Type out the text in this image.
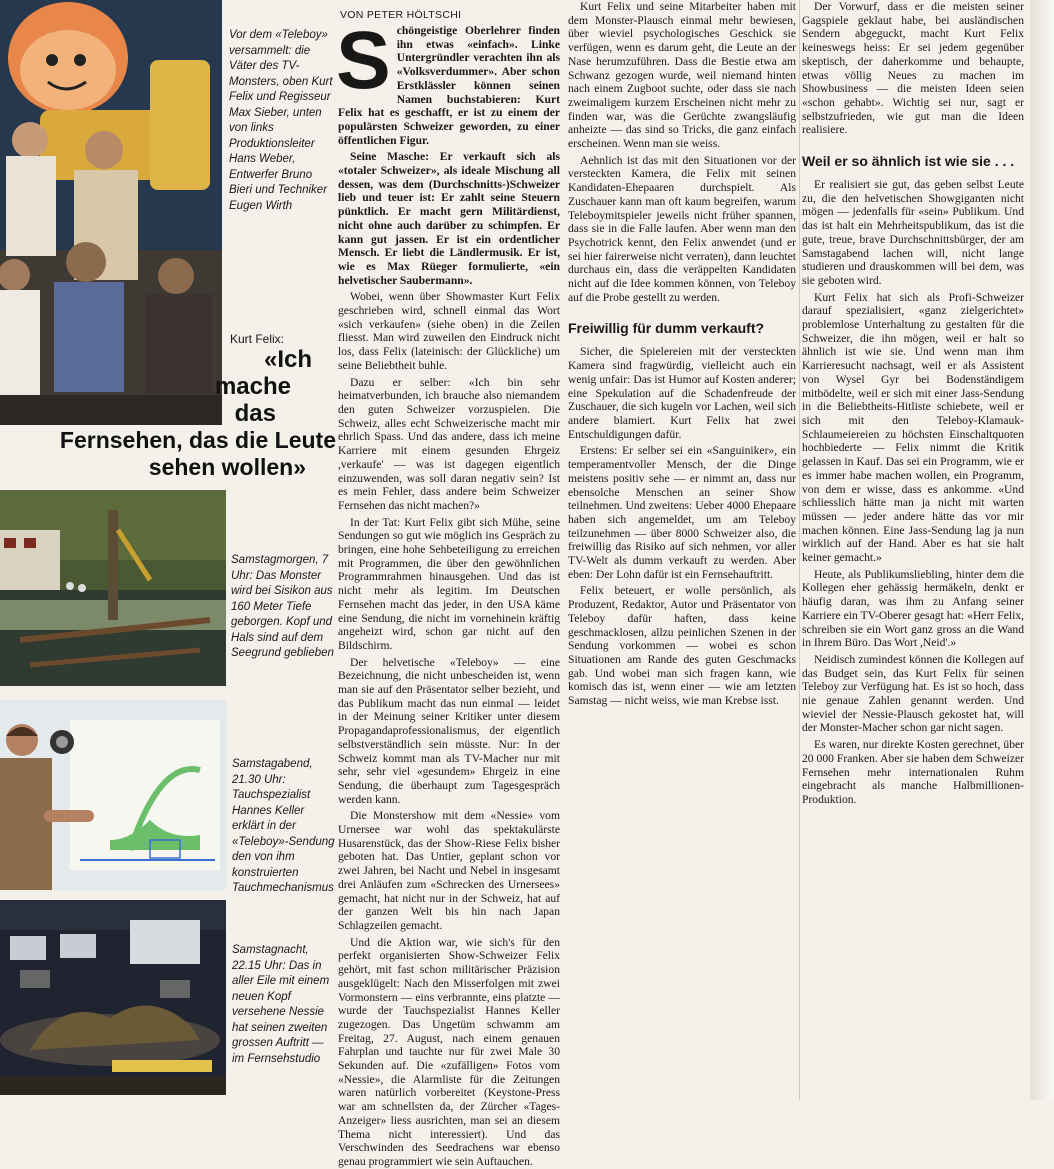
Vor dem «Teleboy» versammelt: die Väter des TV-Monsters, oben Kurt Felix und Regisseur Max Sieber, unten von links Produktionsleiter Hans Weber, Entwerfer Bruno Bieri und Techniker Eugen Wirth
Samstagmorgen, 7 Uhr: Das Monster wird bei Sisikon aus 160 Meter Tiefe geborgen. Kopf und Hals sind auf dem Seegrund geblieben
Samstagabend, 21.30 Uhr: Tauchspezialist Hannes Keller erklärt in der «Teleboy»-Sendung den von ihm konstruierten Tauchmechanismus
Samstagnacht, 22.15 Uhr: Das in aller Eile mit einem neuen Kopf versehene Nessie hat seinen zweiten grossen Auftritt — im Fernsehstudio
Kurt Felix:
«Ich
mache
das
Fernsehen, das die Leute
sehen wollen»
VON PETER HÖLTSCHI

Schöngeistige Oberlehrer finden ihn etwas «einfach». Linke Untergründler verachten ihn als «Volksverdummer». Aber schon Erstklässler können seinen Namen buchstabieren: Kurt Felix hat es geschafft, er ist zu einem der populärsten Schweizer geworden, zu einer öffentlichen Figur.

Seine Masche: Er verkauft sich als «totaler Schweizer», als ideale Mischung all dessen, was dem (Durchschnitts-)Schweizer lieb und teuer ist: Er zahlt seine Steuern pünktlich. Er macht gern Militärdienst, nicht ohne auch darüber zu schimpfen. Er kann gut jassen. Er ist ein ordentlicher Mensch. Er liebt die Ländlermusik. Er ist, wie es Max Rüeger formulierte, «ein helvetischer Saubermann».

Wobei, wenn über Showmaster Kurt Felix geschrieben wird, schnell einmal das Wort «sich verkaufen» (siehe oben) in die Zeilen fliesst. Man wird zuweilen den Eindruck nicht los, dass Felix (lateinisch: der Glückliche) um seine Beliebtheit buhle.

Dazu er selber: «Ich bin sehr heimatverbunden, ich brauche also niemandem den guten Schweizer vorzuspielen. Die Schweiz, alles echt Schweizerische macht mir ehrlich Spass. Und das andere, dass ich meine Karriere mit einem gesunden Ehrgeiz ,verkaufe' — was ist dagegen eigentlich einzuwenden, was soll daran negativ sein? Ist es mein Fehler, dass andere beim Schweizer Fernsehen das nicht machen?»

In der Tat: Kurt Felix gibt sich Mühe, seine Sendungen so gut wie möglich ins Gespräch zu bringen, eine hohe Sehbeteiligung zu erreichen mit Programmen, die über den gewöhnlichen Programmrahmen hinausgehen. Und das ist nicht mehr als legitim. Im Deutschen Fernsehen macht das jeder, in den USA käme eine Sendung, die nicht im vornehinein kräftig angeheizt wird, schon gar nicht auf den Bildschirm.

Der helvetische «Teleboy» — eine Bezeichnung, die nicht unbescheiden ist, wenn man sie auf den Präsentator selber bezieht, und das Publikum macht das nun einmal — leidet in der Meinung seiner Kritiker unter diesem Propagandaprofessionalismus, der eigentlich selbstverständlich sein müsste. Nur: In der Schweiz kommt man als TV-Macher nur mit sehr, sehr viel «gesundem» Ehrgeiz in eine Sendung, die überhaupt zum Tagesgespräch werden kann.

Die Monstershow mit dem «Nessie» vom Urnersee war wohl das spektakulärste Husarenstück, das der Show-Riese Felix bisher geboten hat. Das Untier, geplant schon vor zwei Jahren, bei Nacht und Nebel in insgesamt drei Anläufen zum «Schrecken des Urnersees» gemacht, hat nicht nur in der Schweiz, hat auf der ganzen Welt bis hin nach Japan Schlagzeilen gemacht.

Und die Aktion war, wie sich's für den perfekt organisierten Show-Schweizer Felix gehört, mit fast schon militärischer Präzision ausgeklügelt: Nach den Misserfolgen mit zwei Vormonstern — eins verbrannte, eins platzte — wurde der Tauchspezialist Hannes Keller zugezogen. Das Ungetüm schwamm am Freitag, 27. August, nach einem genauen Fahrplan und tauchte nur für zwei Male 30 Sekunden auf. Die «zufälligen» Fotos vom «Nessie», die Alarmliste für die Zeitungen waren natürlich vorbereitet (Keystone-Press war am schnellsten da, der Zürcher «Tages-Anzeiger» liess ausrichten, man sei an diesem Thema nicht interessiert). Und das Verschwinden des Seedrachens war ebenso genau programmiert wie sein Auftauchen.

Kurt Felix und seine Mitarbeiter haben mit dem Monster-Plausch einmal mehr bewiesen, über wieviel psychologisches Geschick sie verfügen, wenn es darum geht, die Leute an der Nase herumzuführen. Dass die Bestie etwa am Schwanz gezogen wurde, weil niemand hinten nach einem Zugboot suchte, oder dass sie nach zweimaligem kurzem Erscheinen nicht mehr zu finden war, was die Gerüchte zwangsläufig anheizte — das sind so Tricks, die ganz einfach erscheinen. Wenn man sie weiss.

Aehnlich ist das mit den Situationen vor der versteckten Kamera, die Felix mit seinen Kandidaten-Ehepaaren durchspielt. Als Zuschauer kann man oft kaum begreifen, warum Teleboymitspieler jeweils nicht früher spannen, dass sie in die Falle laufen. Aber wenn man den Psychotrick kennt, den Felix anwendet (und er sei hier fairerweise nicht verraten), dann leuchtet durchaus ein, dass die veräppelten Kandidaten nicht auf die Idee kommen können, von Teleboy auf die Probe gestellt zu werden.

Freiwillig für dumm verkauft?

Sicher, die Spielereien mit der versteckten Kamera sind fragwürdig, vielleicht auch ein wenig unfair: Das ist Humor auf Kosten anderer; eine Spekulation auf die Schadenfreude der Zuschauer, die sich kugeln vor Lachen, weil sich andere blamiert. Kurt Felix hat zwei Entschuldigungen dafür.

Erstens: Er selber sei ein «Sanguiniker», ein temperamentvoller Mensch, der die Dinge meistens positiv sehe — er nimmt an, dass nur ebensolche Menschen an seiner Show teilnehmen. Und zweitens: Ueber 4000 Ehepaare haben sich angemeldet, um am Teleboy teilzunehmen — über 8000 Schweizer also, die freiwillig das Risiko auf sich nehmen, vor aller TV-Welt als dumm verkauft zu werden. Aber eben: Der Lohn dafür ist ein Fernsehauftritt.

Felix beteuert, er wolle persönlich, als Produzent, Redaktor, Autor und Präsentator von Teleboy dafür haften, dass keine geschmacklosen, allzu peinlichen Szenen in der Sendung vorkommen — wobei es schon Situationen am Rande des guten Geschmacks gab. Und wobei man sich fragen kann, wie komisch das ist, wenn einer — wie am letzten Samstag — nicht weiss, wie man Krebse isst.

Der Vorwurf, dass er die meisten seiner Gagspiele geklaut habe, bei ausländischen Sendern abgeguckt, macht Kurt Felix keineswegs heiss: Er sei jedem gegenüber skeptisch, der daherkomme und behaupte, etwas völlig Neues zu machen im Showbusiness — die meisten Ideen seien «schon gehabt». Wichtig sei nur, sagt er selbstzufrieden, wie gut man die Ideen realisiere.

Weil er so ähnlich ist wie sie . . .

Er realisiert sie gut, das geben selbst Leute zu, die den helvetischen Showgiganten nicht mögen — jedenfalls für «sein» Publikum. Und das ist halt ein Mehrheitspublikum, das ist die gute, treue, brave Durchschnittsbürger, der am Samstagabend lachen will, nicht lange studieren und drauskommen will bei dem, was sie geboten wird.

Kurt Felix hat sich als Profi-Schweizer darauf spezialisiert, «ganz zielgerichtet» problemlose Unterhaltung zu gestalten für die Schweizer, die ihn mögen, weil er halt so ähnlich ist wie sie. Und wenn man ihm Karrieresucht nachsagt, weil er als Assistent von Wysel Gyr bei Bodenständigem mitbödelte, weil er sich mit einer Jass-Sendung in die Beliebtheits-Hitliste schiebete, weil er sich mit den Teleboy-Klamauk-Schlaumeiereien zu höchsten Einschaltquoten hochbiederte — Felix nimmt die Kritik gelassen in Kauf. Das sei ein Programm, wie er es immer habe machen wollen, ein Programm, von dem er wisse, dass es ankomme. «Und schliesslich hätte man ja nicht mit warten müssen — jeder andere hätte das vor mir machen können. Eine Jass-Sendung lag ja nun wirklich auf der Hand. Aber es hat sie halt keiner gemacht.»

Heute, als Publikumsliebling, hinter dem die Kollegen eher gehässig hermäkeln, denkt er häufig daran, was ihm zu Anfang seiner Karriere ein TV-Oberer gesagt hat: «Herr Felix, schreiben sie ein Wort ganz gross an die Wand in Ihrem Büro. Das Wort ,Neid'.»

Neidisch zumindest können die Kollegen auf das Budget sein, das Kurt Felix für seinen Teleboy zur Verfügung hat. Es ist so hoch, dass nie genaue Zahlen genannt werden. Und wieviel der Nessie-Plausch gekostet hat, will der Monster-Macher schon gar nicht sagen.

Es waren, nur direkte Kosten gerechnet, über 20 000 Franken. Aber sie haben dem Schweizer Fernsehen mehr internationalen Ruhm eingebracht als manche Halbmillionen-Produktion.
